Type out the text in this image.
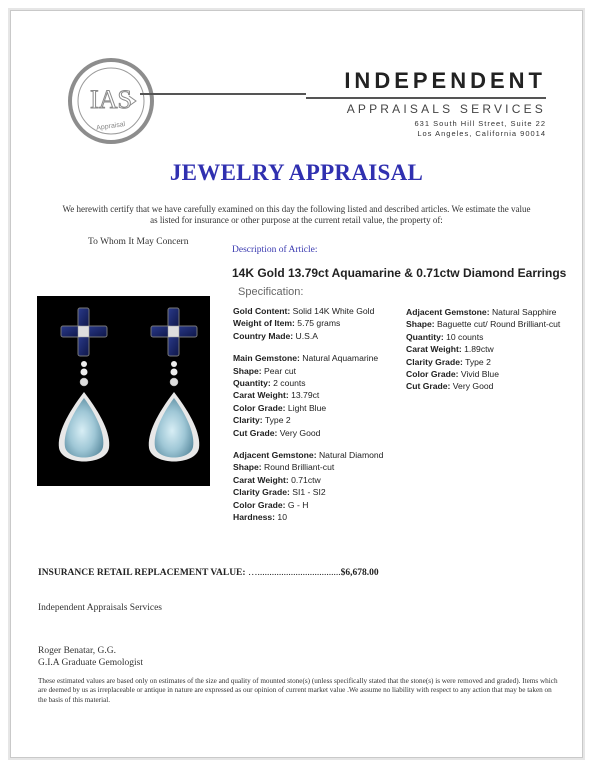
IAS
Appraisal
INDEPENDENT
APPRAISALS SERVICES
631 South Hill Street, Suite 22
Los Angeles, California 90014
JEWELRY APPRAISAL
We herewith certify that we have carefully examined on this day the following listed and described articles. We estimate the value as listed for insurance or other purpose at the current retail value, the property of:
To Whom It May Concern
Description of Article:
14K Gold 13.79ct Aquamarine & 0.71ctw Diamond Earrings
Specification:
Gold Content: Solid 14K White Gold
Weight of Item: 5.75 grams
Country Made: U.S.A
Main Gemstone: Natural Aquamarine
Shape: Pear cut
Quantity: 2 counts
Carat Weight: 13.79ct
Color Grade: Light Blue
Clarity: Type 2
Cut Grade: Very Good
Adjacent Gemstone: Natural Diamond
Shape: Round Brilliant-cut
Carat Weight: 0.71ctw
Clarity Grade: SI1 - SI2
Color Grade: G - H
Hardness: 10
Adjacent Gemstone: Natural Sapphire
Shape: Baguette cut/ Round Brilliant-cut
Quantity: 10 counts
Carat Weight: 1.89ctw
Clarity Grade: Type 2
Color Grade: Vivid Blue
Cut Grade: Very Good
INSURANCE RETAIL REPLACEMENT VALUE: …...................................$6,678.00
Independent Appraisals Services
Roger Benatar, G.G.
G.I.A Graduate Gemologist
These estimated values are based only on estimates of the size and quality of mounted stone(s) (unless specifically stated that the stone(s) is were removed and graded). Items which are deemed by us as irreplaceable or antique in nature are expressed as our opinion of current market value .We assume no liability with respect to any action that may be taken on the basis of this material.
